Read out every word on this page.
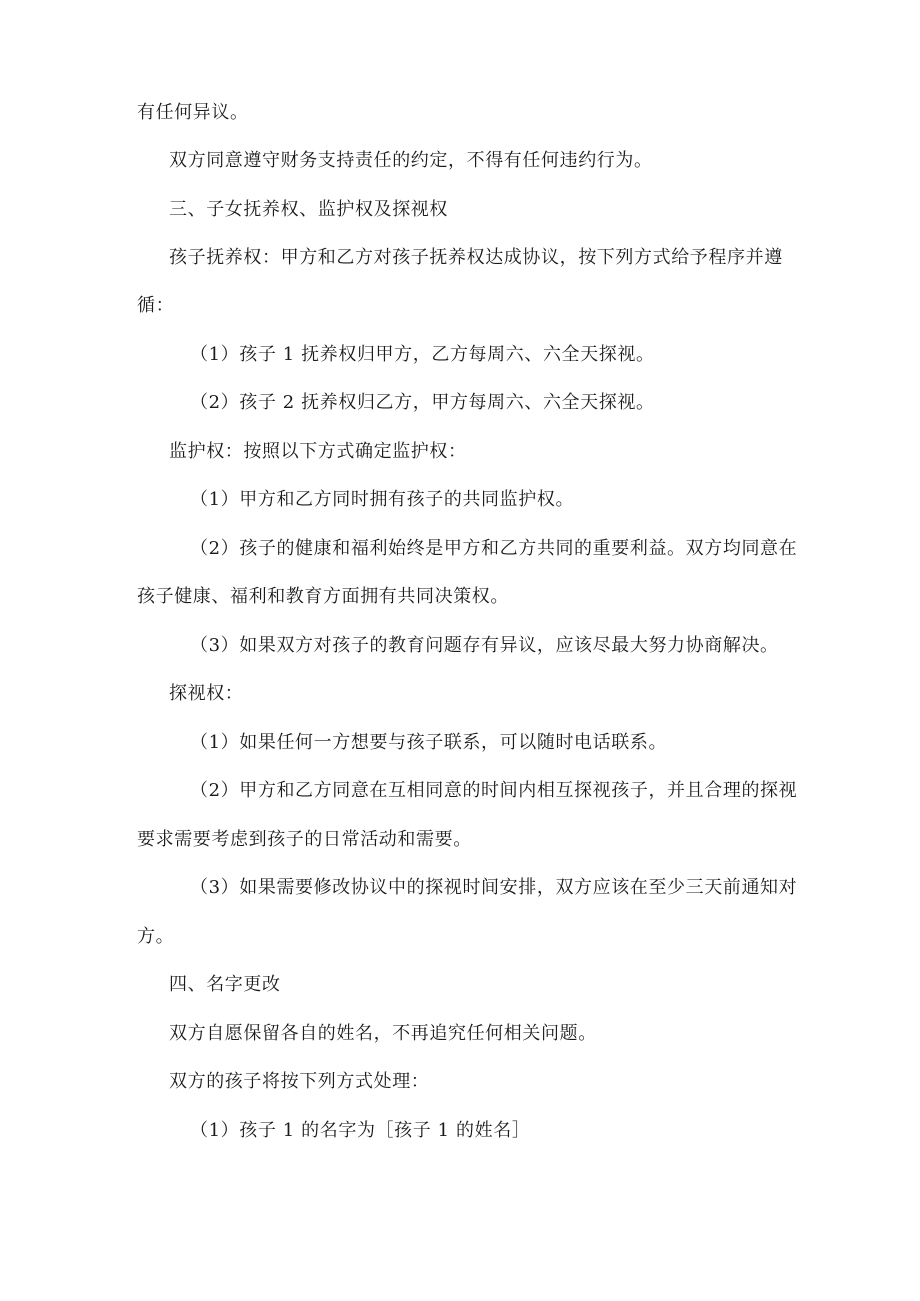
有任何异议。
双方同意遵守财务支持责任的约定，不得有任何违约行为。
三、子女抚养权、监护权及探视权
孩子抚养权：甲方和乙方对孩子抚养权达成协议，按下列方式给予程序并遵
循：
（1）孩子 1 抚养权归甲方，乙方每周六、六全天探视。
（2）孩子 2 抚养权归乙方，甲方每周六、六全天探视。
监护权：按照以下方式确定监护权：
（1）甲方和乙方同时拥有孩子的共同监护权。
（2）孩子的健康和福利始终是甲方和乙方共同的重要利益。双方均同意在
孩子健康、福利和教育方面拥有共同决策权。
（3）如果双方对孩子的教育问题存有异议，应该尽最大努力协商解决。
探视权：
（1）如果任何一方想要与孩子联系，可以随时电话联系。
（2）甲方和乙方同意在互相同意的时间内相互探视孩子，并且合理的探视
要求需要考虑到孩子的日常活动和需要。
（3）如果需要修改协议中的探视时间安排，双方应该在至少三天前通知对
方。
四、名字更改
双方自愿保留各自的姓名，不再追究任何相关问题。
双方的孩子将按下列方式处理：
（1）孩子 1 的名字为［孩子 1 的姓名］
